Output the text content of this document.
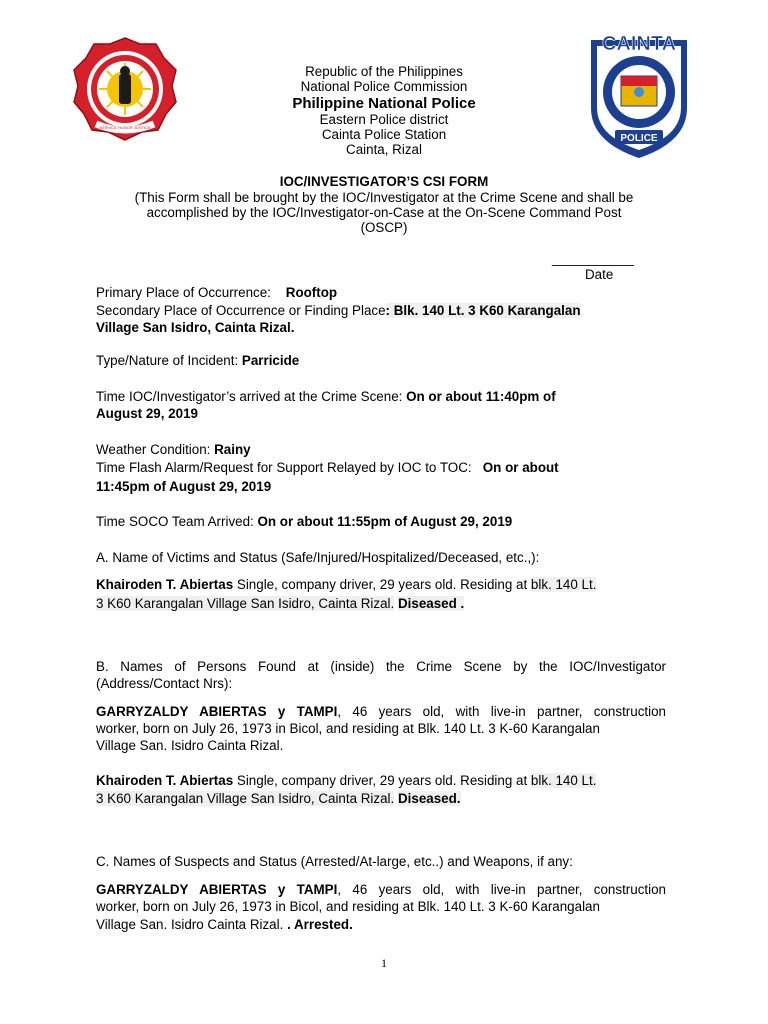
SERVICE HONOR JUSTICE
CAINTA
POLICE
Republic of the Philippines
National Police Commission
Philippine National Police
Eastern Police district
Cainta Police Station
Cainta, Rizal
IOC/INVESTIGATOR’S CSI FORM
(This Form shall be brought by the IOC/Investigator at the Crime Scene and shall be
accomplished by the IOC/Investigator-on-Case at the On-Scene Command Post
(OSCP)
___________
Date
Primary Place of Occurrence: Rooftop
Secondary Place of Occurrence or Finding Place: Blk. 140 Lt. 3 K60 Karangalan
Village San Isidro, Cainta Rizal.
Type/Nature of Incident: Parricide
Time IOC/Investigator’s arrived at the Crime Scene: On or about 11:40pm of
August 29, 2019
Weather Condition: Rainy
Time Flash Alarm/Request for Support Relayed by IOC to TOC: On or about
11:45pm of August 29, 2019
Time SOCO Team Arrived: On or about 11:55pm of August 29, 2019
A. Name of Victims and Status (Safe/Injured/Hospitalized/Deceased, etc.,):
Khairoden T. Abiertas Single, company driver, 29 years old. Residing at blk. 140 Lt.
3 K60 Karangalan Village San Isidro, Cainta Rizal. Diseased .
B. Names of Persons Found at (inside) the Crime Scene by the IOC/Investigator
(Address/Contact Nrs):
GARRYZALDY ABIERTAS y TAMPI, 46 years old, with live-in partner, construction
worker, born on July 26, 1973 in Bicol, and residing at Blk. 140 Lt. 3 K-60 Karangalan
Village San. Isidro Cainta Rizal.
Khairoden T. Abiertas Single, company driver, 29 years old. Residing at blk. 140 Lt.
3 K60 Karangalan Village San Isidro, Cainta Rizal. Diseased.
C. Names of Suspects and Status (Arrested/At-large, etc..) and Weapons, if any:
GARRYZALDY ABIERTAS y TAMPI, 46 years old, with live-in partner, construction
worker, born on July 26, 1973 in Bicol, and residing at Blk. 140 Lt. 3 K-60 Karangalan
Village San. Isidro Cainta Rizal. . Arrested.
1
